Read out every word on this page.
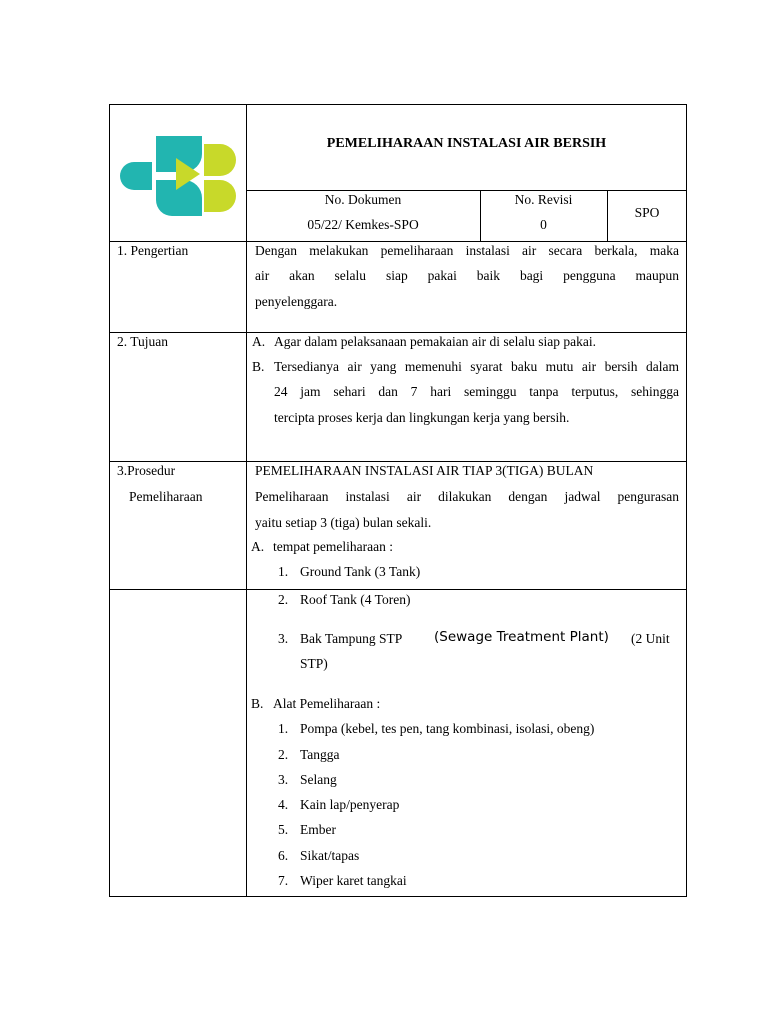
PEMELIHARAAN INSTALASI AIR BERSIH
No. Dokumen
05/22/ Kemkes-SPO
No. Revisi
0
SPO
1. Pengertian	Dengan melakukan pemeliharaan instalasi air secara berkala, maka
air akan selalu siap pakai baik bagi pengguna maupun
penyelenggara.
2. Tujuan	A. Agar dalam pelaksanaan pemakaian air di selalu siap pakai.
B. Tersedianya air yang memenuhi syarat baku mutu air bersih dalam
24 jam sehari dan 7 hari seminggu tanpa terputus, sehingga
tercipta proses kerja dan lingkungan kerja yang bersih.
3.Prosedur
Pemeliharaan
PEMELIHARAAN INSTALASI AIR TIAP 3(TIGA) BULAN
Pemeliharaan instalasi air dilakukan dengan jadwal pengurasan
yaitu setiap 3 (tiga) bulan sekali.
A. tempat pemeliharaan :
1. Ground Tank (3 Tank)
2. Roof Tank (4 Toren)
3. Bak Tampung STP (Sewage Treatment Plant) (2 Unit
STP)
B. Alat Pemeliharaan :
1. Pompa (kebel, tes pen, tang kombinasi, isolasi, obeng)
2. Tangga
3. Selang
4. Kain lap/penyerap
5. Ember
6. Sikat/tapas
7. Wiper karet tangkai
